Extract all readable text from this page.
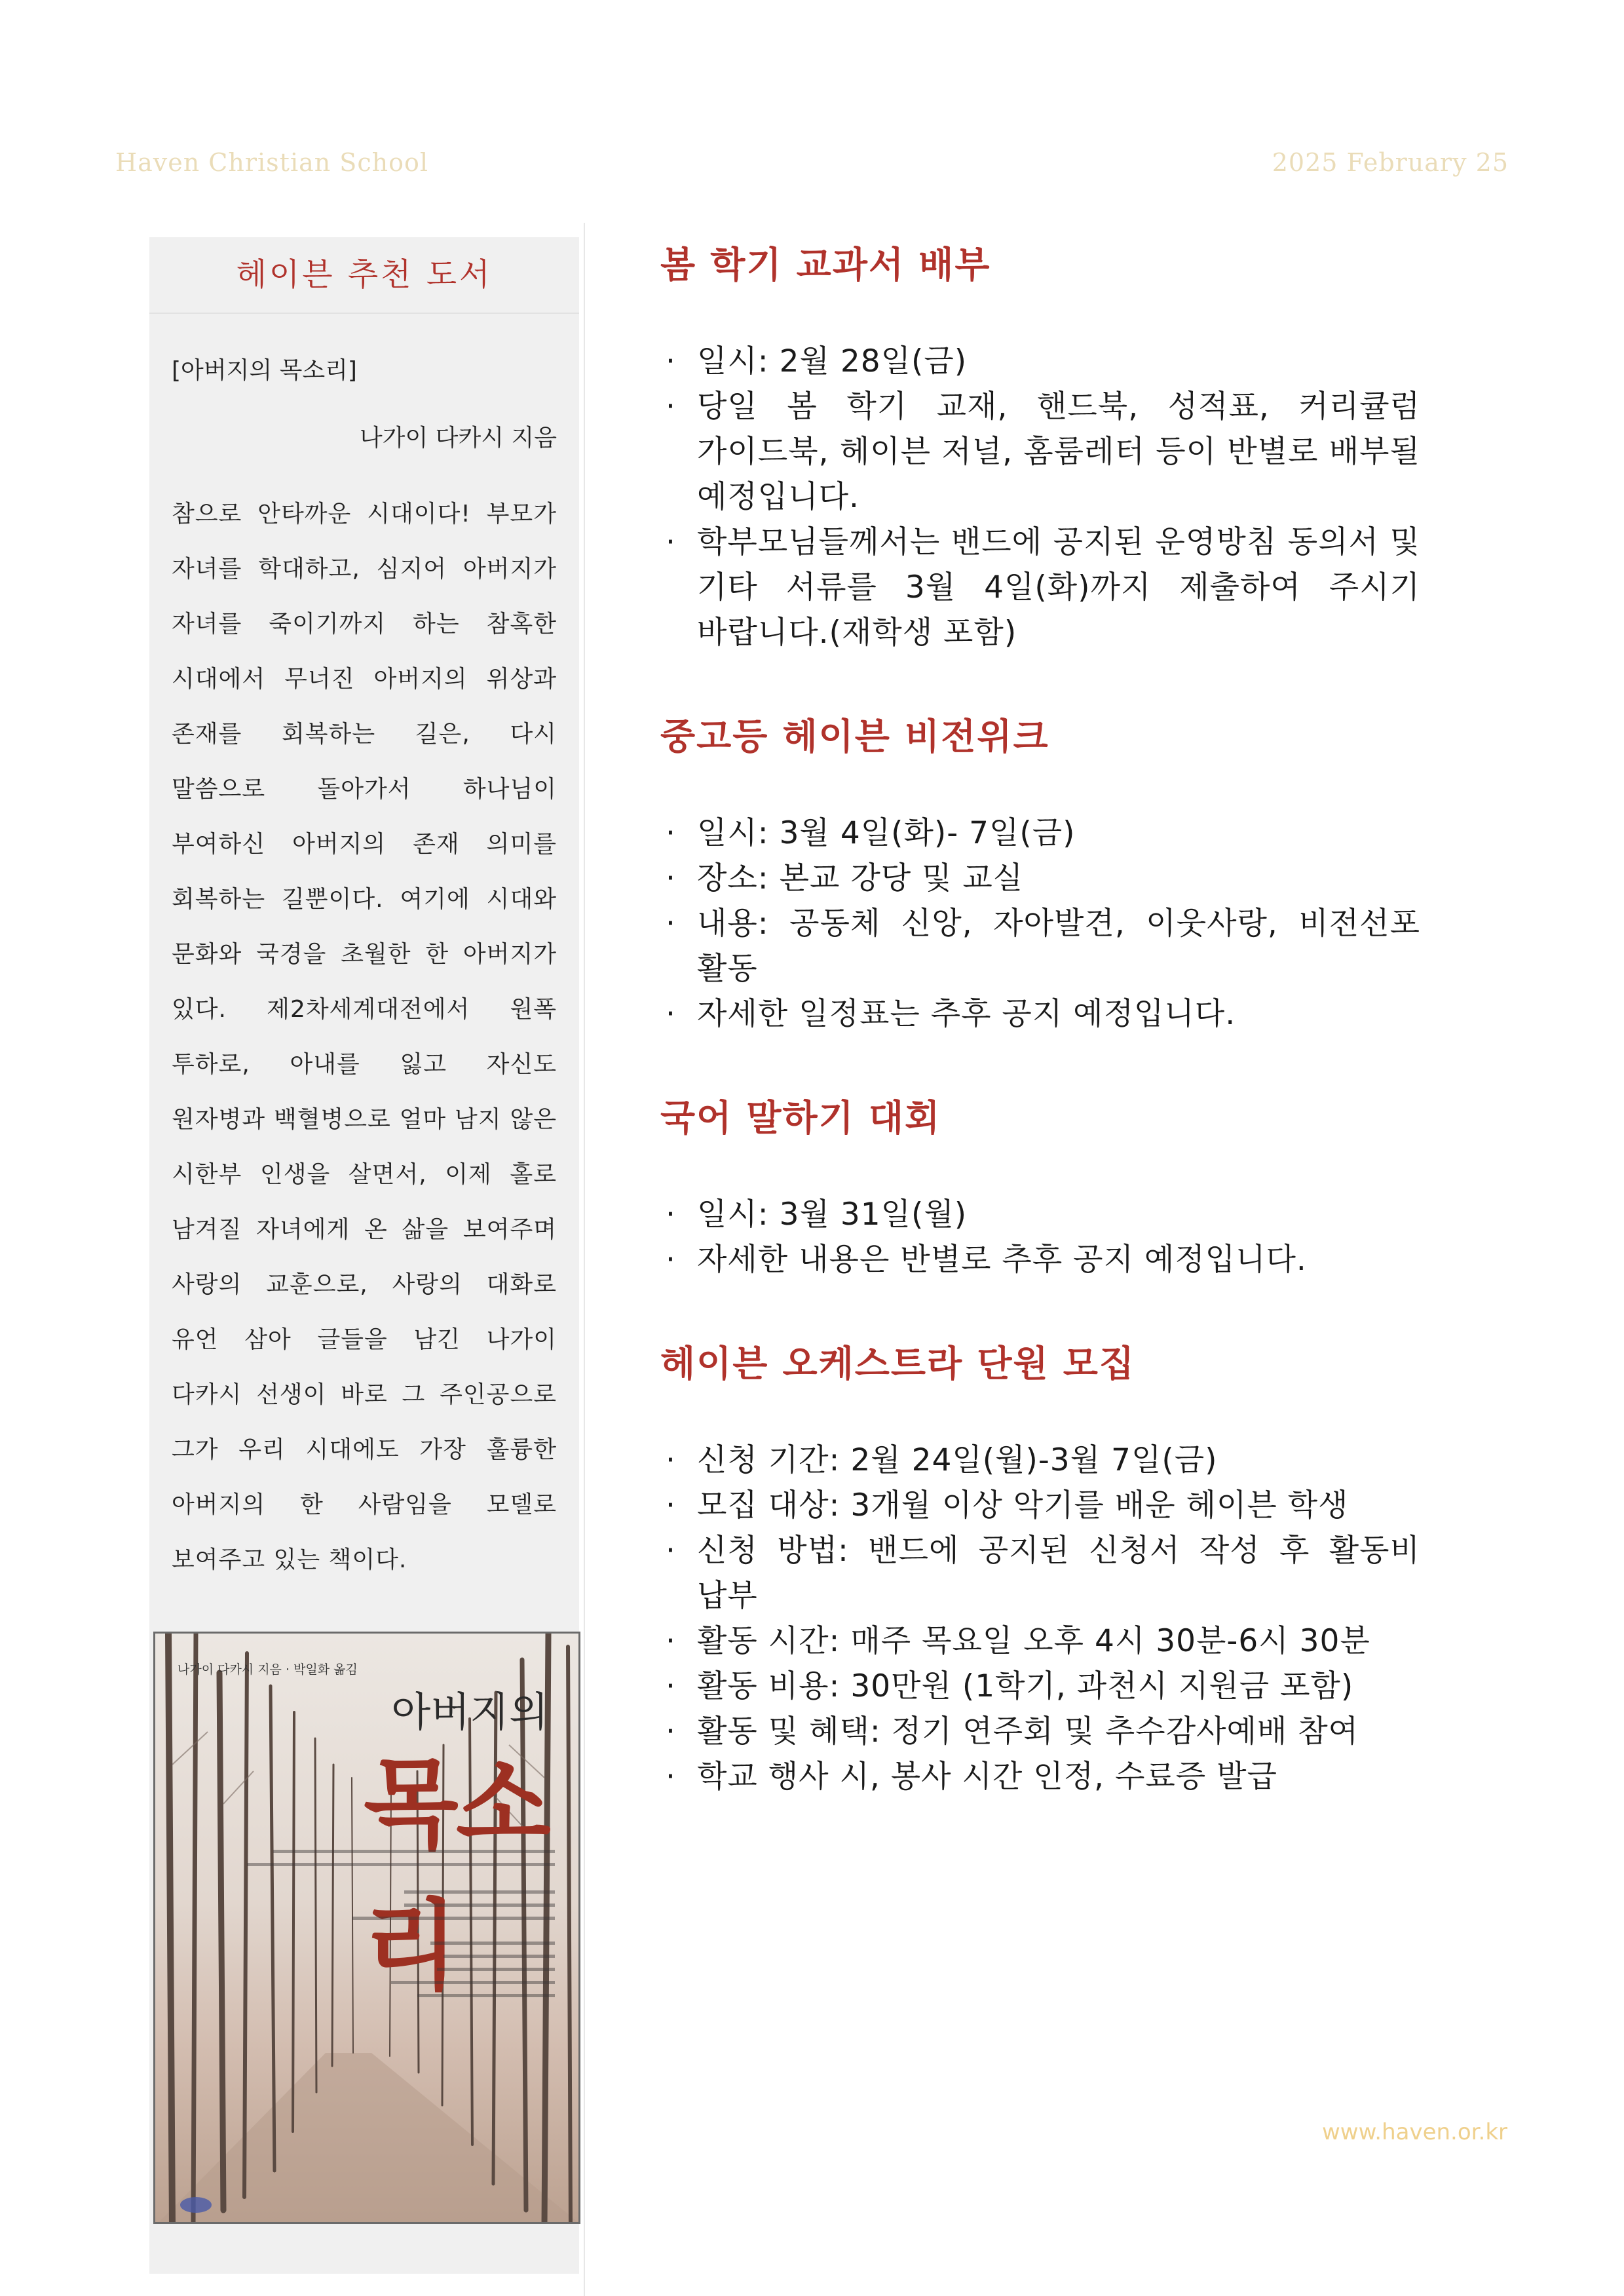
Haven Christian School	2025 February 25
헤이븐 추천 도서
[아버지의 목소리]
나가이 다카시 지음
참으로 안타까운 시대이다! 부모가 자녀를 학대하고, 심지어 아버지가 자녀를 죽이기까지 하는 참혹한 시대에서 무너진 아버지의 위상과 존재를 회복하는 길은, 다시 말씀으로 돌아가서 하나님이 부여하신 아버지의 존재 의미를 회복하는 길뿐이다. 여기에 시대와 문화와 국경을 초월한 한 아버지가 있다. 제2차세계대전에서 원폭 투하로, 아내를 잃고 자신도 원자병과 백혈병으로 얼마 남지 않은 시한부 인생을 살면서, 이제 홀로 남겨질 자녀에게 온 삶을 보여주며 사랑의 교훈으로, 사랑의 대화로 유언 삼아 글들을 남긴 나가이 다카시 선생이 바로 그 주인공으로 그가 우리 시대에도 가장 훌륭한 아버지의 한 사람임을 모델로 보여주고 있는 책이다.
나가이 다카시 지음 · 박일화 옮김
아버지의
목소리
봄 학기 교과서 배부
· 일시: 2월 28일(금)
· 당일 봄 학기 교재, 핸드북, 성적표, 커리큘럼 가이드북, 헤이븐 저널, 홈룸레터 등이 반별로 배부될 예정입니다.
· 학부모님들께서는 밴드에 공지된 운영방침 동의서 및 기타 서류를 3월 4일(화)까지 제출하여 주시기 바랍니다.(재학생 포함)
중고등 헤이븐 비전위크
· 일시: 3월 4일(화)- 7일(금)
· 장소: 본교 강당 및 교실
· 내용: 공동체 신앙, 자아발견, 이웃사랑, 비전선포 활동
· 자세한 일정표는 추후 공지 예정입니다.
국어 말하기 대회
· 일시: 3월 31일(월)
· 자세한 내용은 반별로 추후 공지 예정입니다.
헤이븐 오케스트라 단원 모집
· 신청 기간: 2월 24일(월)-3월 7일(금)
· 모집 대상: 3개월 이상 악기를 배운 헤이븐 학생
· 신청 방법: 밴드에 공지된 신청서 작성 후 활동비 납부
· 활동 시간: 매주 목요일 오후 4시 30분-6시 30분
· 활동 비용: 30만원 (1학기, 과천시 지원금 포함)
· 활동 및 혜택: 정기 연주회 및 추수감사예배 참여
· 학교 행사 시, 봉사 시간 인정, 수료증 발급
www.haven.or.kr
